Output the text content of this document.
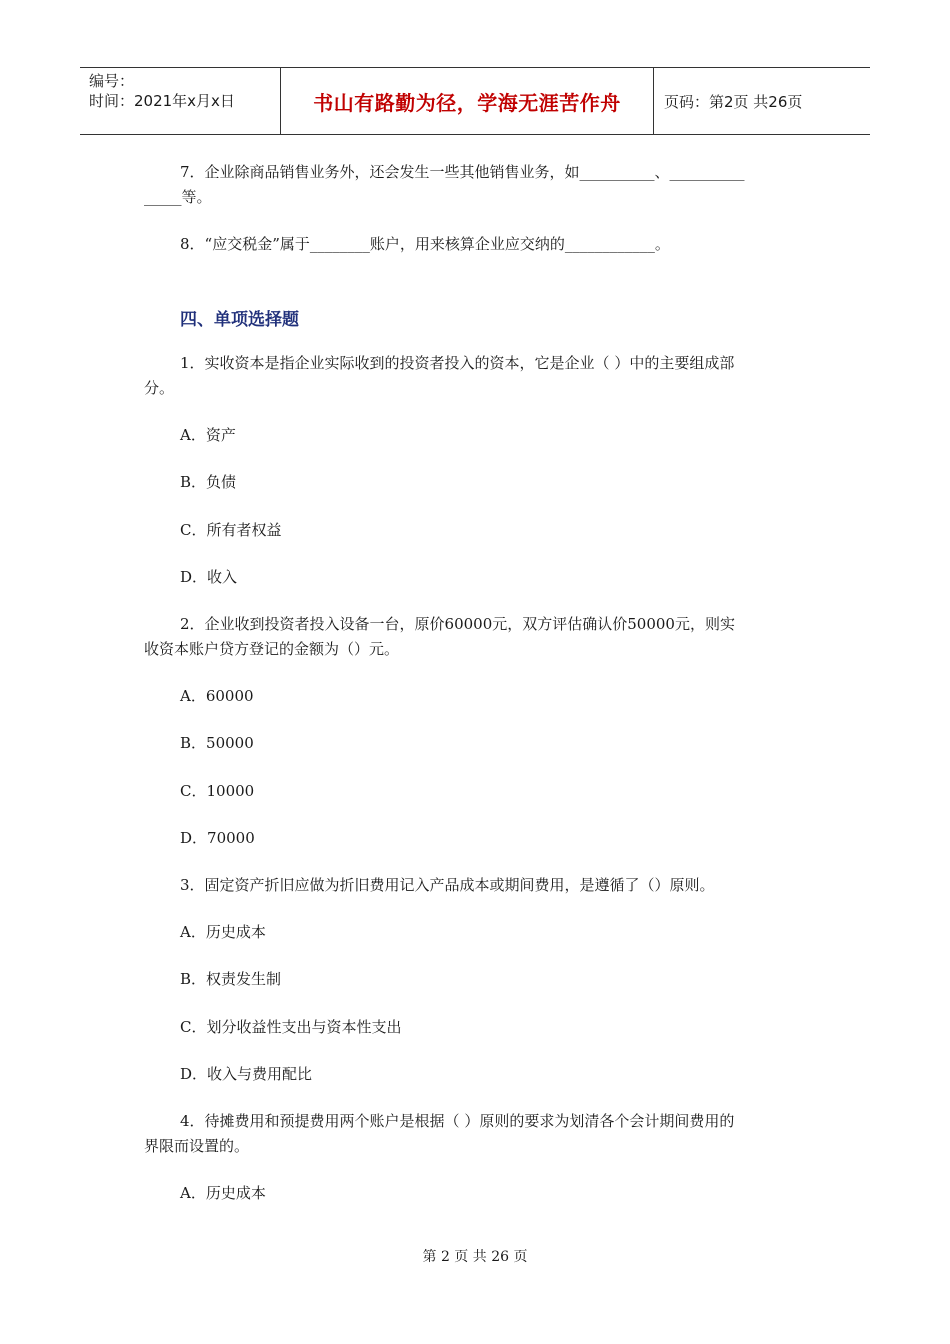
编号：
时间：2021年x月x日	书山有路勤为径，学海无涯苦作舟	页码：第2页 共26页
7．企业除商品销售业务外，还会发生一些其他销售业务，如__________、__________
_____等。
8．“应交税金”属于________账户，用来核算企业应交纳的____________。
四、单项选择题
1．实收资本是指企业实际收到的投资者投入的资本，它是企业（ ）中的主要组成部
分。
A．资产
B．负债
C．所有者权益
D．收入
2．企业收到投资者投入设备一台，原价60000元，双方评估确认价50000元，则实
收资本账户贷方登记的金额为（）元。
A．60000
B．50000
C．10000
D．70000
3．固定资产折旧应做为折旧费用记入产品成本或期间费用，是遵循了（）原则。
A．历史成本
B．权责发生制
C．划分收益性支出与资本性支出
D．收入与费用配比
4．待摊费用和预提费用两个账户是根据（ ）原则的要求为划清各个会计期间费用的
界限而设置的。
A．历史成本
第 2 页 共 26 页
